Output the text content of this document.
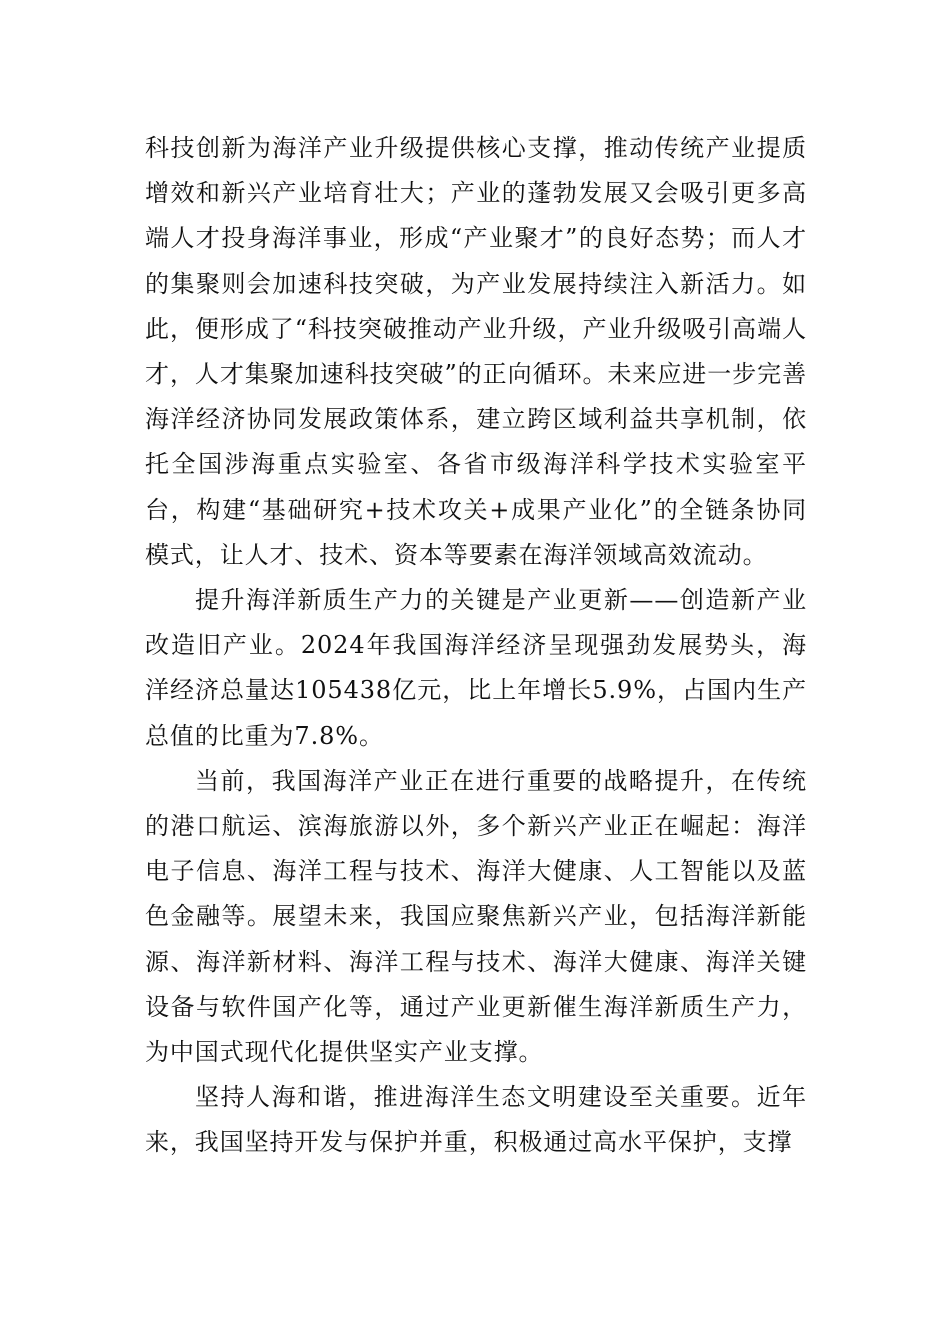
科技创新为海洋产业升级提供核心支撑，推动传统产业提质增效和新兴产业培育壮大；产业的蓬勃发展又会吸引更多高端人才投身海洋事业，形成“产业聚才”的良好态势；而人才的集聚则会加速科技突破，为产业发展持续注入新活力。如此，便形成了“科技突破推动产业升级，产业升级吸引高端人才，人才集聚加速科技突破”的正向循环。未来应进一步完善海洋经济协同发展政策体系，建立跨区域利益共享机制，依托全国涉海重点实验室、各省市级海洋科学技术实验室平台，构建“基础研究+技术攻关+成果产业化”的全链条协同模式，让人才、技术、资本等要素在海洋领域高效流动。

提升海洋新质生产力的关键是产业更新——创造新产业改造旧产业。2024年我国海洋经济呈现强劲发展势头，海洋经济总量达105438亿元，比上年增长5.9%，占国内生产总值的比重为7.8%。

当前，我国海洋产业正在进行重要的战略提升，在传统的港口航运、滨海旅游以外，多个新兴产业正在崛起：海洋电子信息、海洋工程与技术、海洋大健康、人工智能以及蓝色金融等。展望未来，我国应聚焦新兴产业，包括海洋新能源、海洋新材料、海洋工程与技术、海洋大健康、海洋关键设备与软件国产化等，通过产业更新催生海洋新质生产力，为中国式现代化提供坚实产业支撑。

坚持人海和谐，推进海洋生态文明建设至关重要。近年来，我国坚持开发与保护并重，积极通过高水平保护，支撑
